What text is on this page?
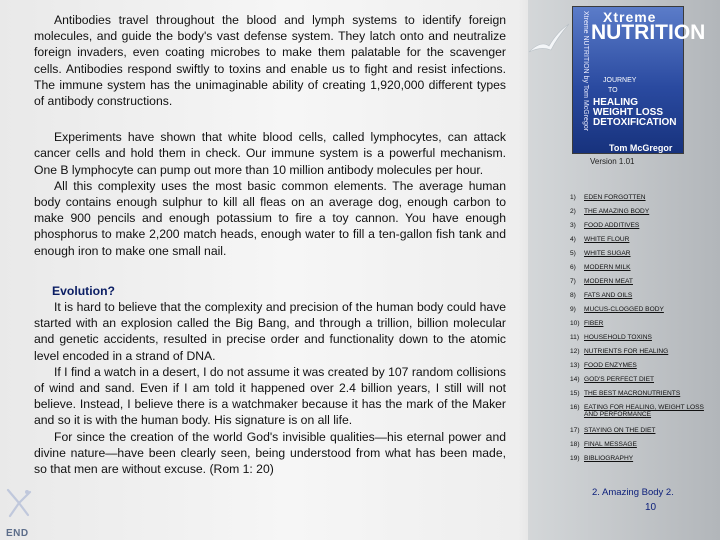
Antibodies travel throughout the blood and lymph systems to identify foreign molecules, and guide the body's vast defense system. They latch onto and neutralize foreign invaders, even coating microbes to make them palatable for the scavenger cells. Antibodies respond swiftly to toxins and enable us to fight and resist infections. The immune system has the unimaginable ability of creating 1,920,000 different types of antibody constructions.

Experiments have shown that white blood cells, called lymphocytes, can attack cancer cells and hold them in check. Our immune system is a powerful mechanism. One B lymphocyte can pump out more than 10 million antibody molecules per hour.

All this complexity uses the most basic common elements. The average human body contains enough sulphur to kill all fleas on an average dog, enough carbon to make 900 pencils and enough potassium to fire a toy cannon. You have enough phosphorus to make 2,200 match heads, enough water to fill a ten-gallon fish tank and enough iron to make one small nail.

Evolution?

It is hard to believe that the complexity and precision of the human body could have started with an explosion called the Big Bang, and through a trillion, billion molecular and genetic accidents, resulted in precise order and functionality down to the atomic level encoded in a strand of DNA.

If I find a watch in a desert, I do not assume it was created by 107 random collisions of wind and sand. Even if I am told it happened over 2.4 billion years, I still will not believe. Instead, I believe there is a watchmaker because it has the mark of the Maker and so it is with the human body. His signature is on all life.

For since the creation of the world God's invisible qualities—his eternal power and divine nature—have been clearly seen, being understood from what has been made, so that men are without excuse. (Rom 1: 20)

Xtreme NUTRITION by Tom McGregor Xtreme
NUTRITION
JOURNEY
TO
HEALING
WEIGHT LOSS
DETOXIFICATION
Tom McGregor
Version 1.01
1) EDEN FORGOTTEN
2) THE AMAZING BODY
3) FOOD ADDITIVES
4) WHITE FLOUR
5) WHITE SUGAR
6) MODERN MILK
7) MODERN MEAT
8) FATS AND OILS
9) MUCUS-CLOGGED BODY
10) FIBER
11) HOUSEHOLD TOXINS
12) NUTRIENTS FOR HEALING
13) FOOD ENZYMES
14) GOD'S PERFECT DIET
15) THE BEST MACRONUTRIENTS
16) EATING FOR HEALING, WEIGHT LOSS AND PERFORMANCE
17) STAYING ON THE DIET
18) FINAL MESSAGE
19) BIBLIOGRAPHY
2. Amazing Body 2.
10
END
